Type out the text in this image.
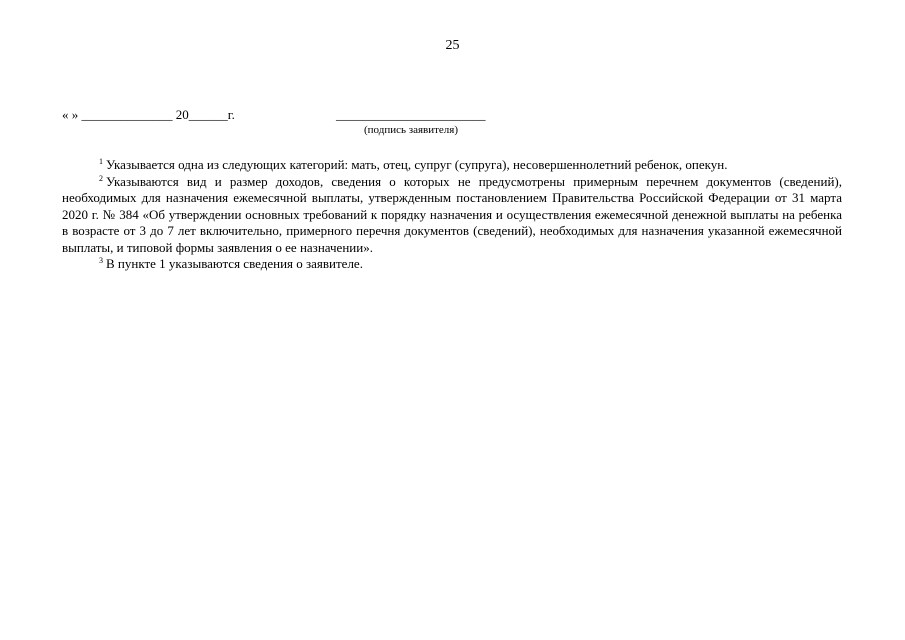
25
« » ______________ 20______г.	_______________________
(подпись заявителя)

$^1$ Указывается одна из следующих категорий: мать, отец, супруг (супруга), несовершеннолетний ребенок, опекун.

$^2$ Указываются вид и размер доходов, сведения о которых не предусмотрены примерным перечнем документов (сведений), необходимых для назначения ежемесячной выплаты, утвержденным постановлением Правительства Российской Федерации от 31 марта 2020 г. № 384 «Об утверждении основных требований к порядку назначения и осуществления ежемесячной денежной выплаты на ребенка в возрасте от 3 до 7 лет включительно, примерного перечня документов (сведений), необходимых для назначения указанной ежемесячной выплаты, и типовой формы заявления о ее назначении».

$^3$ В пункте 1 указываются сведения о заявителе.
